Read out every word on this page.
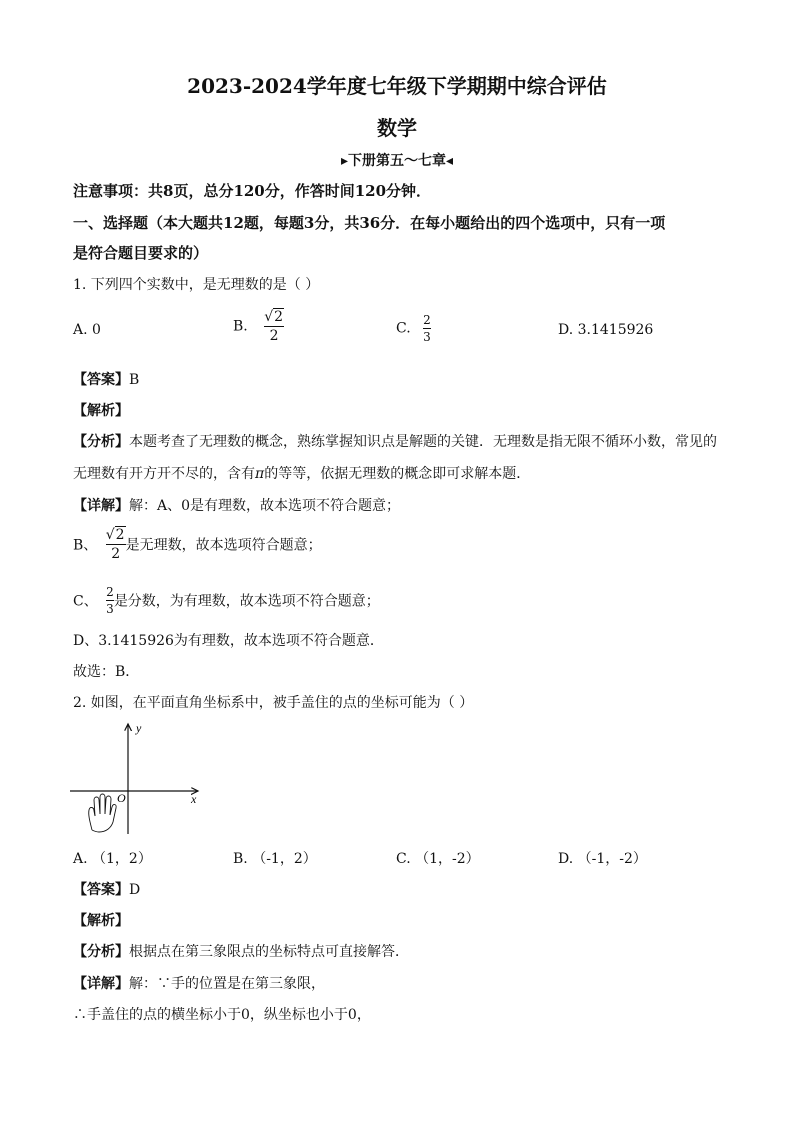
2023-2024学年度七年级下学期期中综合评估
数学
▸下册第五～七章◂
注意事项：共8页，总分120分，作答时间120分钟．
一、选择题（本大题共12题，每题3分，共36分．在每小题给出的四个选项中，只有一项
是符合题目要求的）
1. 下列四个实数中，是无理数的是（ ）
A. 0	B. $\frac{√2}{2}$	C. $\frac{2}{3}$	D. 3.1415926
【答案】B
【解析】
【分析】本题考查了无理数的概念，熟练掌握知识点是解题的关键．无理数是指无限不循环小数，常见的
无理数有开方开不尽的，含有π的等等，依据无理数的概念即可求解本题．
【详解】解：A、0是有理数，故本选项不符合题意；
B、 $\frac{√2}{2}$ 是无理数，故本选项符合题意；
C、 $\frac{2}{3}$ 是分数，为有理数，故本选项不符合题意；
D、3.1415926为有理数，故本选项不符合题意．
故选：B．
2. 如图，在平面直角坐标系中，被手盖住的点的坐标可能为（ ）
y
x
O
A. （1，2）	B. （-1，2）	C. （1，-2）	D. （-1，-2）
【答案】D
【解析】
【分析】根据点在第三象限点的坐标特点可直接解答．
【详解】解：∵手的位置是在第三象限，
∴手盖住的点的横坐标小于0，纵坐标也小于0，
